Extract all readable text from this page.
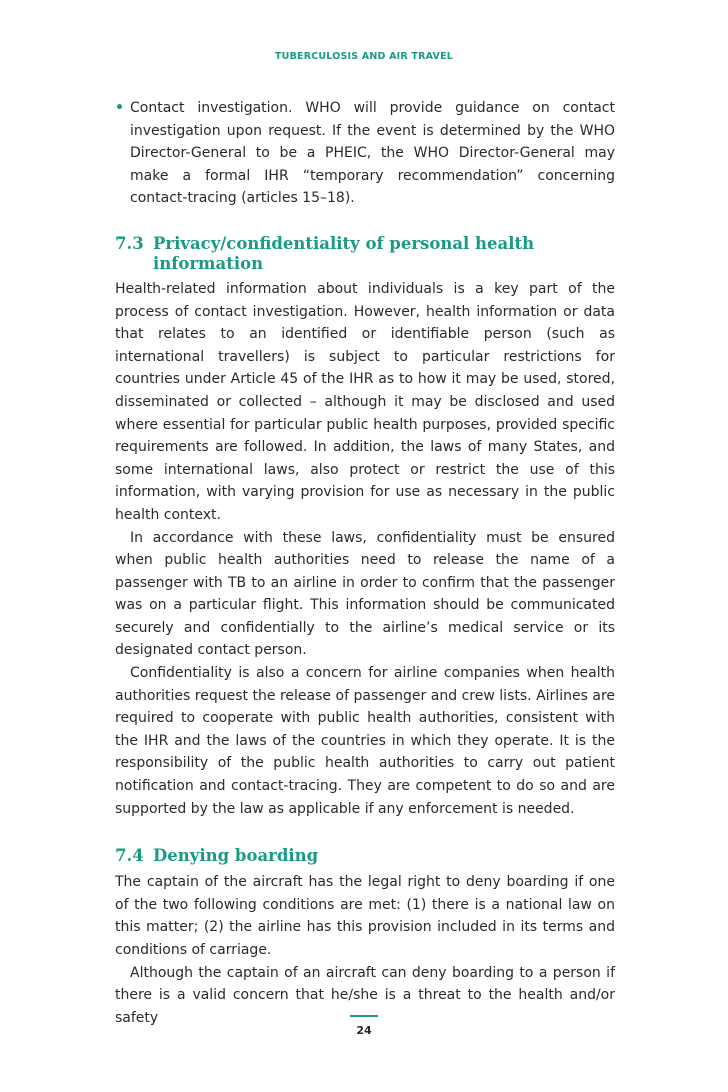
TUBERCULOSIS AND AIR TRAVEL
• Contact investigation. WHO will provide guidance on contact investigation upon request. If the event is determined by the WHO Director-General to be a PHEIC, the WHO Director-General may make a formal IHR “temporary recommendation” concerning contact-tracing (articles 15–18).
7.3 Privacy/confidentiality of personal health information

Health-related information about individuals is a key part of the process of contact investigation. However, health information or data that relates to an identified or identifiable person (such as international travellers) is subject to particular restrictions for countries under Article 45 of the IHR as to how it may be used, stored, disseminated or collected – although it may be disclosed and used where essential for particular public health purposes, provided specific requirements are followed. In addition, the laws of many States, and some international laws, also protect or restrict the use of this information, with varying provision for use as necessary in the public health context.

In accordance with these laws, confidentiality must be ensured when public health authorities need to release the name of a passenger with TB to an airline in order to confirm that the passenger was on a particular flight. This information should be communicated securely and confidentially to the airline’s medical service or its designated contact person.

Confidentiality is also a concern for airline companies when health authorities request the release of passenger and crew lists. Airlines are required to cooperate with public health authorities, consistent with the IHR and the laws of the countries in which they operate. It is the responsibility of the public health authorities to carry out patient notification and contact-tracing. They are competent to do so and are supported by the law as applicable if any enforcement is needed.

7.4 Denying boarding

The captain of the aircraft has the legal right to deny boarding if one of the two following conditions are met: (1) there is a national law on this matter; (2) the airline has this provision included in its terms and conditions of carriage.

Although the captain of an aircraft can deny boarding to a person if there is a valid concern that he/she is a threat to the health and/or safety

24
